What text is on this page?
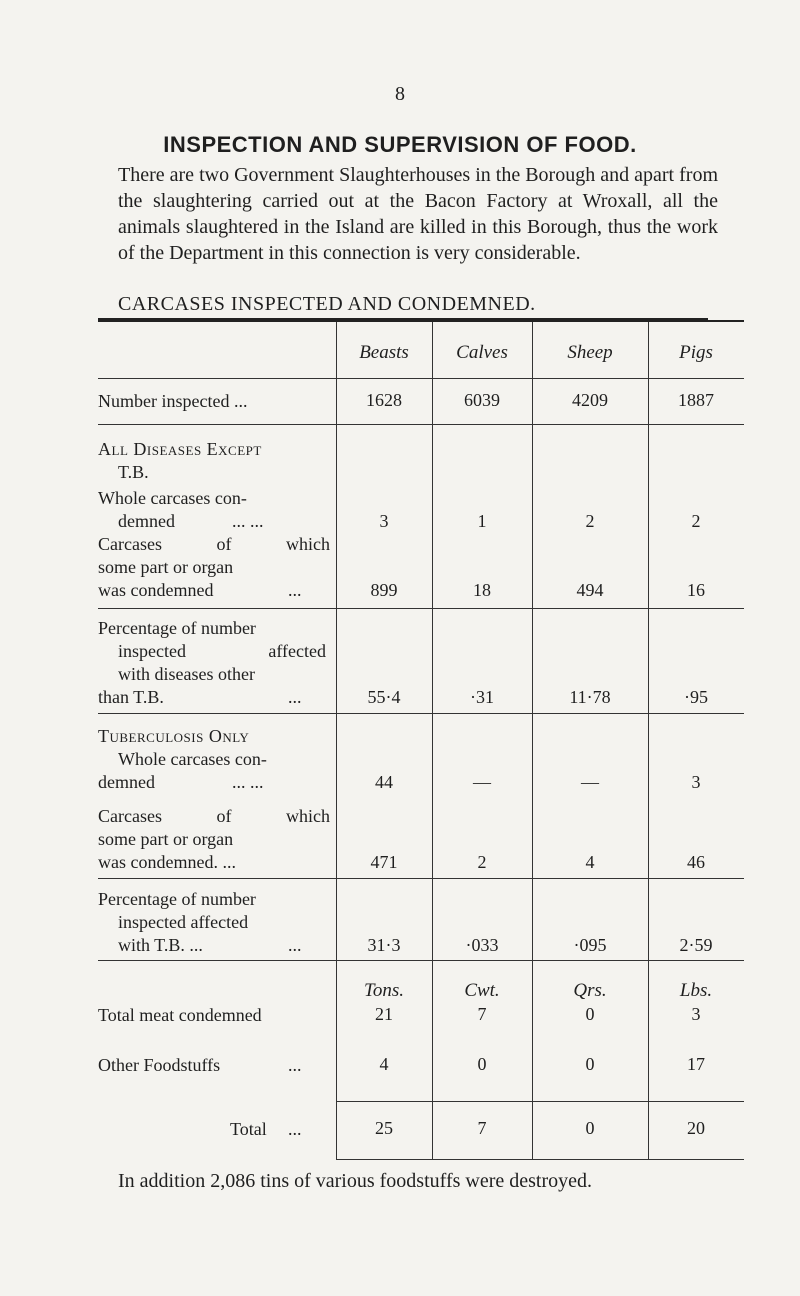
8
INSPECTION AND SUPERVISION OF FOOD.
There are two Government Slaughterhouses in the Borough and apart from the slaughtering carried out at the Bacon Factory at Wroxall, all the animals slaughtered in the Island are killed in this Borough, thus the work of the Department in this connection is very considerable.
CARCASES INSPECTED AND CONDEMNED.
Beasts	Calves	Sheep	Pigs
Number inspected ...	1628	6039	4209	1887
All Diseases Except
T.B.
Whole carcases con-
demned	... ...	3	1	2	2
Carcases of which
some part or organ
was condemned	...	899	18	494	16
Percentage of number
inspected affected
with diseases other
than T.B.	...	55·4	·31	11·78	·95
Tuberculosis Only
Whole carcases con-
demned	... ...	44	—	—	3
Carcases of which
some part or organ
was condemned. ...	471	2	4	46
Percentage of number
inspected affected
with T.B. ...	...	31·3	·033	·095	2·59
Tons.	Cwt.	Qrs.	Lbs.
Total meat condemned	21	7	0	3
Other Foodstuffs	...	4	0	0	17
Total ...	25	7	0	20
In addition 2,086 tins of various foodstuffs were destroyed.
